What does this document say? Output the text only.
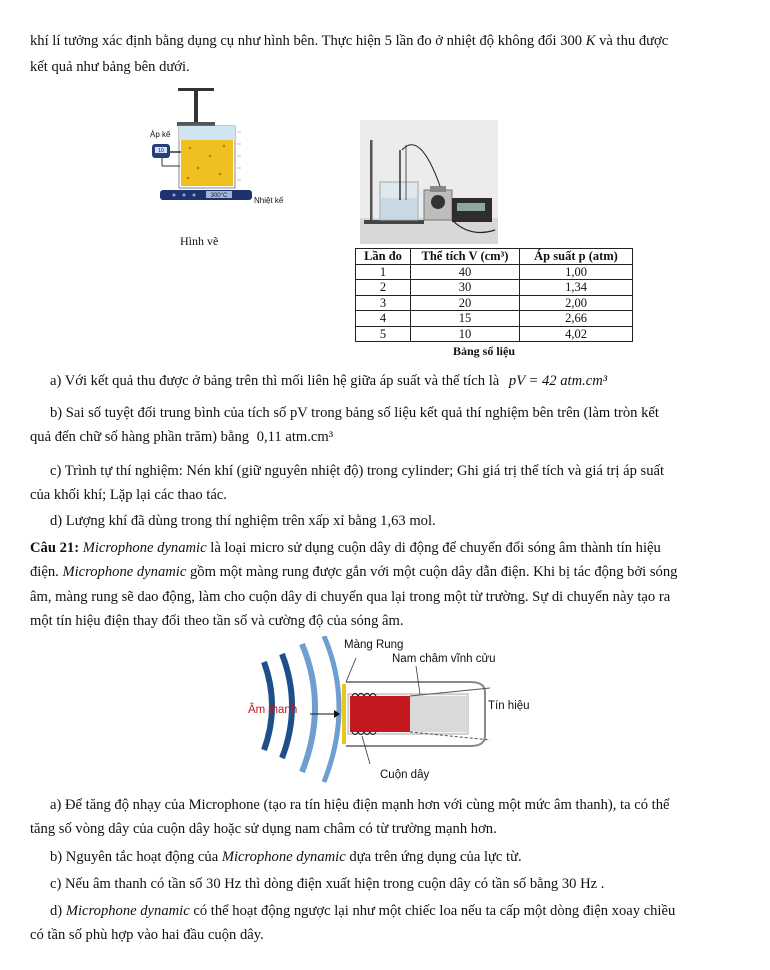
khí lí tưởng xác định bằng dụng cụ như hình bên. Thực hiện 5 lần đo ở nhiệt độ không đổi 300 K và thu được
kết quả như bảng bên dưới.
10
300°C
Áp kế
Nhiệt kế
Hình vẽ
Lần đo	Thể tích V (cm³)	Áp suất p (atm)
1	40	1,00
2	30	1,34
3	20	2,00
4	15	2,66
5	10	4,02
Bảng số liệu
a) Với kết quả thu được ở bảng trên thì mối liên hệ giữa áp suất và thể tích là pV = 42 atm.cm³
b) Sai số tuyệt đối trung bình của tích số pV trong bảng số liệu kết quả thí nghiệm bên trên (làm tròn kết
quả đến chữ số hàng phần trăm) bằng 0,11 atm.cm³
c) Trình tự thí nghiệm: Nén khí (giữ nguyên nhiệt độ) trong cylinder; Ghi giá trị thể tích và giá trị áp suất
của khối khí; Lặp lại các thao tác.
d) Lượng khí đã dùng trong thí nghiệm trên xấp xỉ bằng 1,63 mol.
Câu 21: Microphone dynamic là loại micro sử dụng cuộn dây di động để chuyển đổi sóng âm thành tín hiệu
điện. Microphone dynamic gồm một màng rung được gắn với một cuộn dây dẫn điện. Khi bị tác động bởi sóng
âm, màng rung sẽ dao động, làm cho cuộn dây di chuyển qua lại trong một từ trường. Sự di chuyển này tạo ra
một tín hiệu điện thay đổi theo tần số và cường độ của sóng âm.
Màng Rung
Nam châm vĩnh cửu
Âm thanh	Tín hiệu
Cuộn dây
a) Để tăng độ nhạy của Microphone (tạo ra tín hiệu điện mạnh hơn với cùng một mức âm thanh), ta có thể
tăng số vòng dây của cuộn dây hoặc sử dụng nam châm có từ trường mạnh hơn.
b) Nguyên tắc hoạt động của Microphone dynamic dựa trên ứng dụng của lực từ.
c) Nếu âm thanh có tần số 30 Hz thì dòng điện xuất hiện trong cuộn dây có tần số bằng 30 Hz .
d) Microphone dynamic có thể hoạt động ngược lại như một chiếc loa nếu ta cấp một dòng điện xoay chiều
có tần số phù hợp vào hai đầu cuộn dây.
